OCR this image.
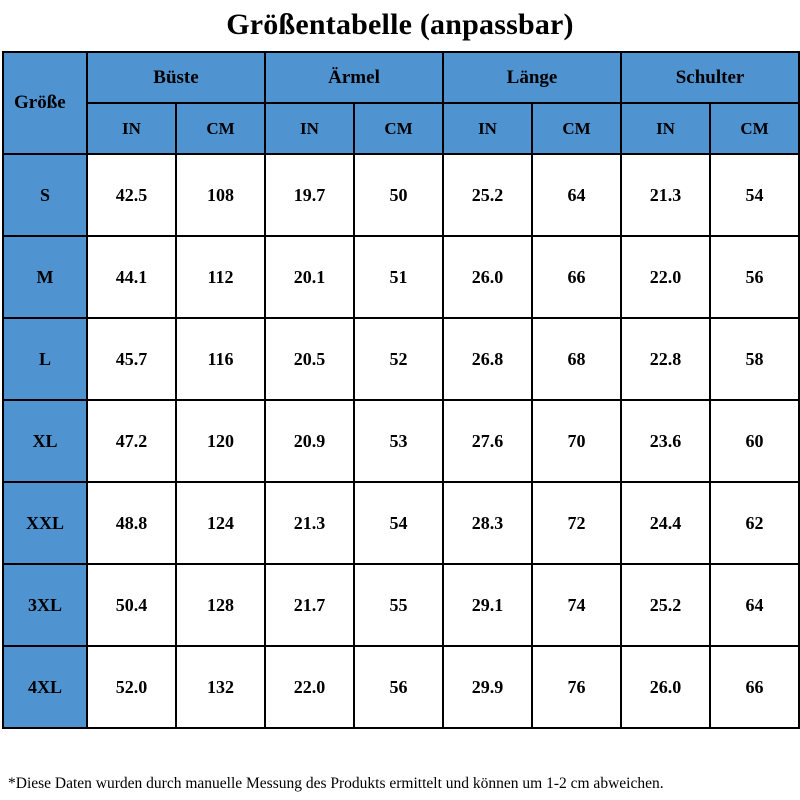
Größentabelle (anpassbar)
Größe	Büste		Ärmel		Länge		Schulter	
	IN	CM	IN	CM	IN	CM	IN	CM
S	42.5	108	19.7	50	25.2	64	21.3	54
M	44.1	112	20.1	51	26.0	66	22.0	56
L	45.7	116	20.5	52	26.8	68	22.8	58
XL	47.2	120	20.9	53	27.6	70	23.6	60
XXL	48.8	124	21.3	54	28.3	72	24.4	62
3XL	50.4	128	21.7	55	29.1	74	25.2	64
4XL	52.0	132	22.0	56	29.9	76	26.0	66
*Diese Daten wurden durch manuelle Messung des Produkts ermittelt und können um 1-2 cm abweichen.
